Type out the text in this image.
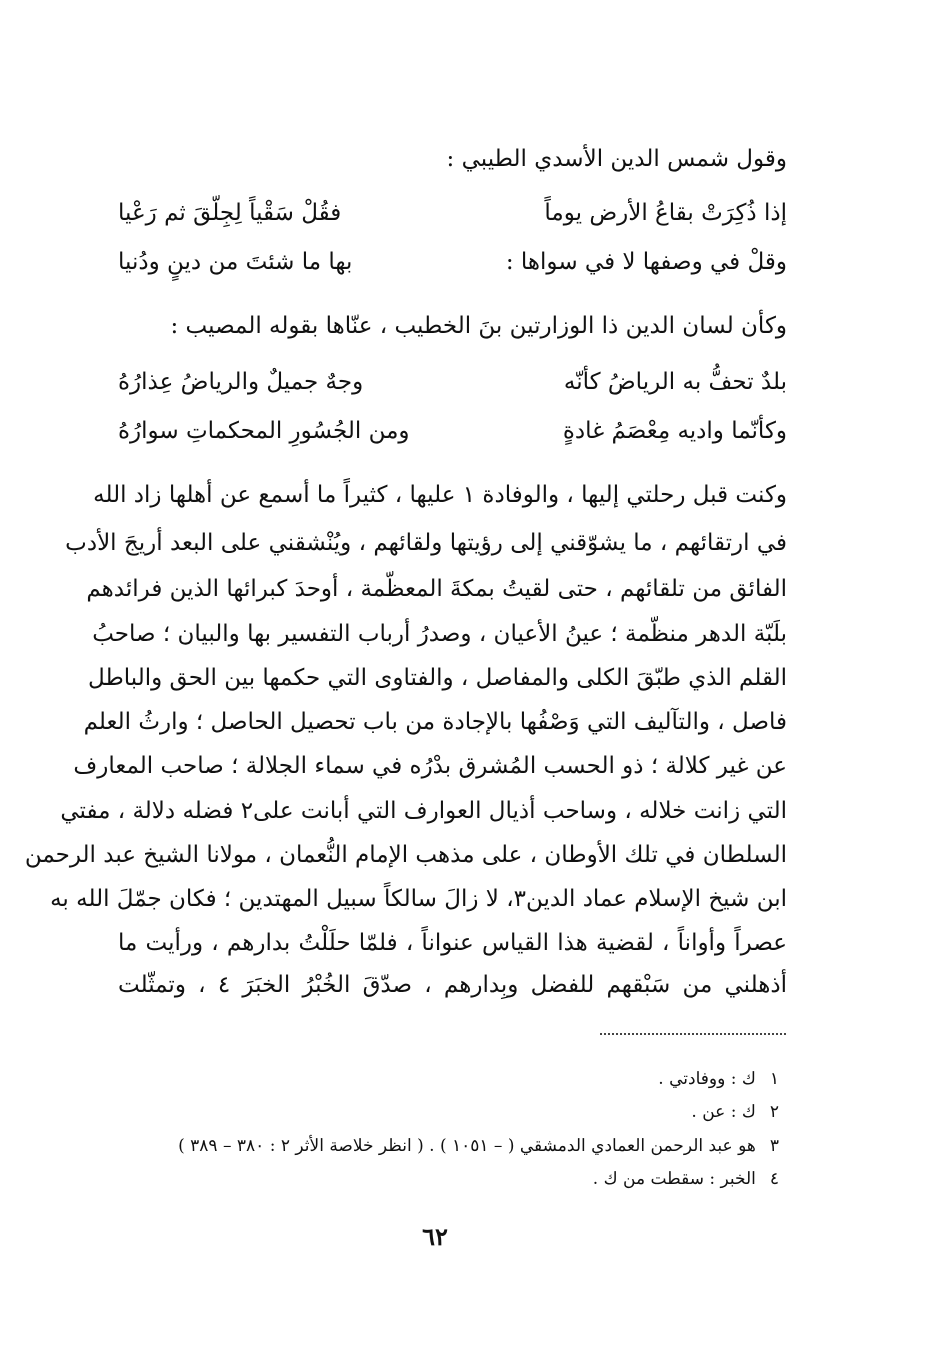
وقول شمس الدين الأسدي الطيبي :
إذا ذُكِرَتْ بقاعُ الأرض يوماً
فقُلْ سَقْياً لِجِلّقَ ثم رَعْيا
وقلْ في وصفها لا في سواها :
بها ما شئتَ من دينٍ ودُنيا
وكأن لسان الدين ذا الوزارتين بنَ الخطيب ، عنّاها بقوله المصيب :
بلدٌ تحفُّ به الرياضُ كأنّه
وجهٌ جميلٌ والرياضُ عِذارُهُ
وكأنّما واديه مِعْصَمُ غادةٍ
ومن الجُسُورِ المحكماتِ سوارُهُ
وكنت قبل رحلتي إليها ، والوفادة ١ عليها ، كثيراً ما أسمع عن أهلها زاد الله
في ارتقائهم ، ما يشوّقني إلى رؤيتها ولقائهم ، ويُنْشقني على البعد أريجَ الأدب
الفائق من تلقائهم ، حتى لقيتُ بمكةَ المعظّمة ، أوحدَ كبرائها الذين فرائدهم
بلَبّة الدهر منظّمة ؛ عينُ الأعيان ، وصدرُ أرباب التفسير بها والبيان ؛ صاحبُ
القلم الذي طبّقَ الكلى والمفاصل ، والفتاوى التي حكمها بين الحق والباطل
فاصل ، والتآليف التي وَصْفُها بالإجادة من باب تحصيل الحاصل ؛ وارثُ العلم
عن غير كلالة ؛ ذو الحسب المُشرق بدْرُه في سماء الجلالة ؛ صاحب المعارف
التي زانت خلاله ، وساحب أذيال العوارف التي أبانت على٢ فضله دلالة ، مفتي
السلطان في تلك الأوطان ، على مذهب الإمام النُّعمان ، مولانا الشيخ عبد الرحمن
ابن شيخ الإسلام عماد الدين٣، لا زالَ سالكاً سبيل المهتدين ؛ فكان جمّلَ الله به
عصراً وأواناً ، لقضية هذا القياس عنواناً ، فلمّا حلَلْتُ بدارهم ، ورأيت ما
أذهلني من سَبْقهم للفضل وبِدارهم ، صدّقَ الخُبْرُ الخبَرَ ٤ ، وتمثّلت
١ك : ووفادتي .
٢ك : عن .
٣هو عبد الرحمن العمادي الدمشقي ( – ١٠٥١ ) . ( انظر خلاصة الأثر ٢ : ٣٨٠ – ٣٨٩ )
٤الخبر : سقطت من ك .
٦٢
